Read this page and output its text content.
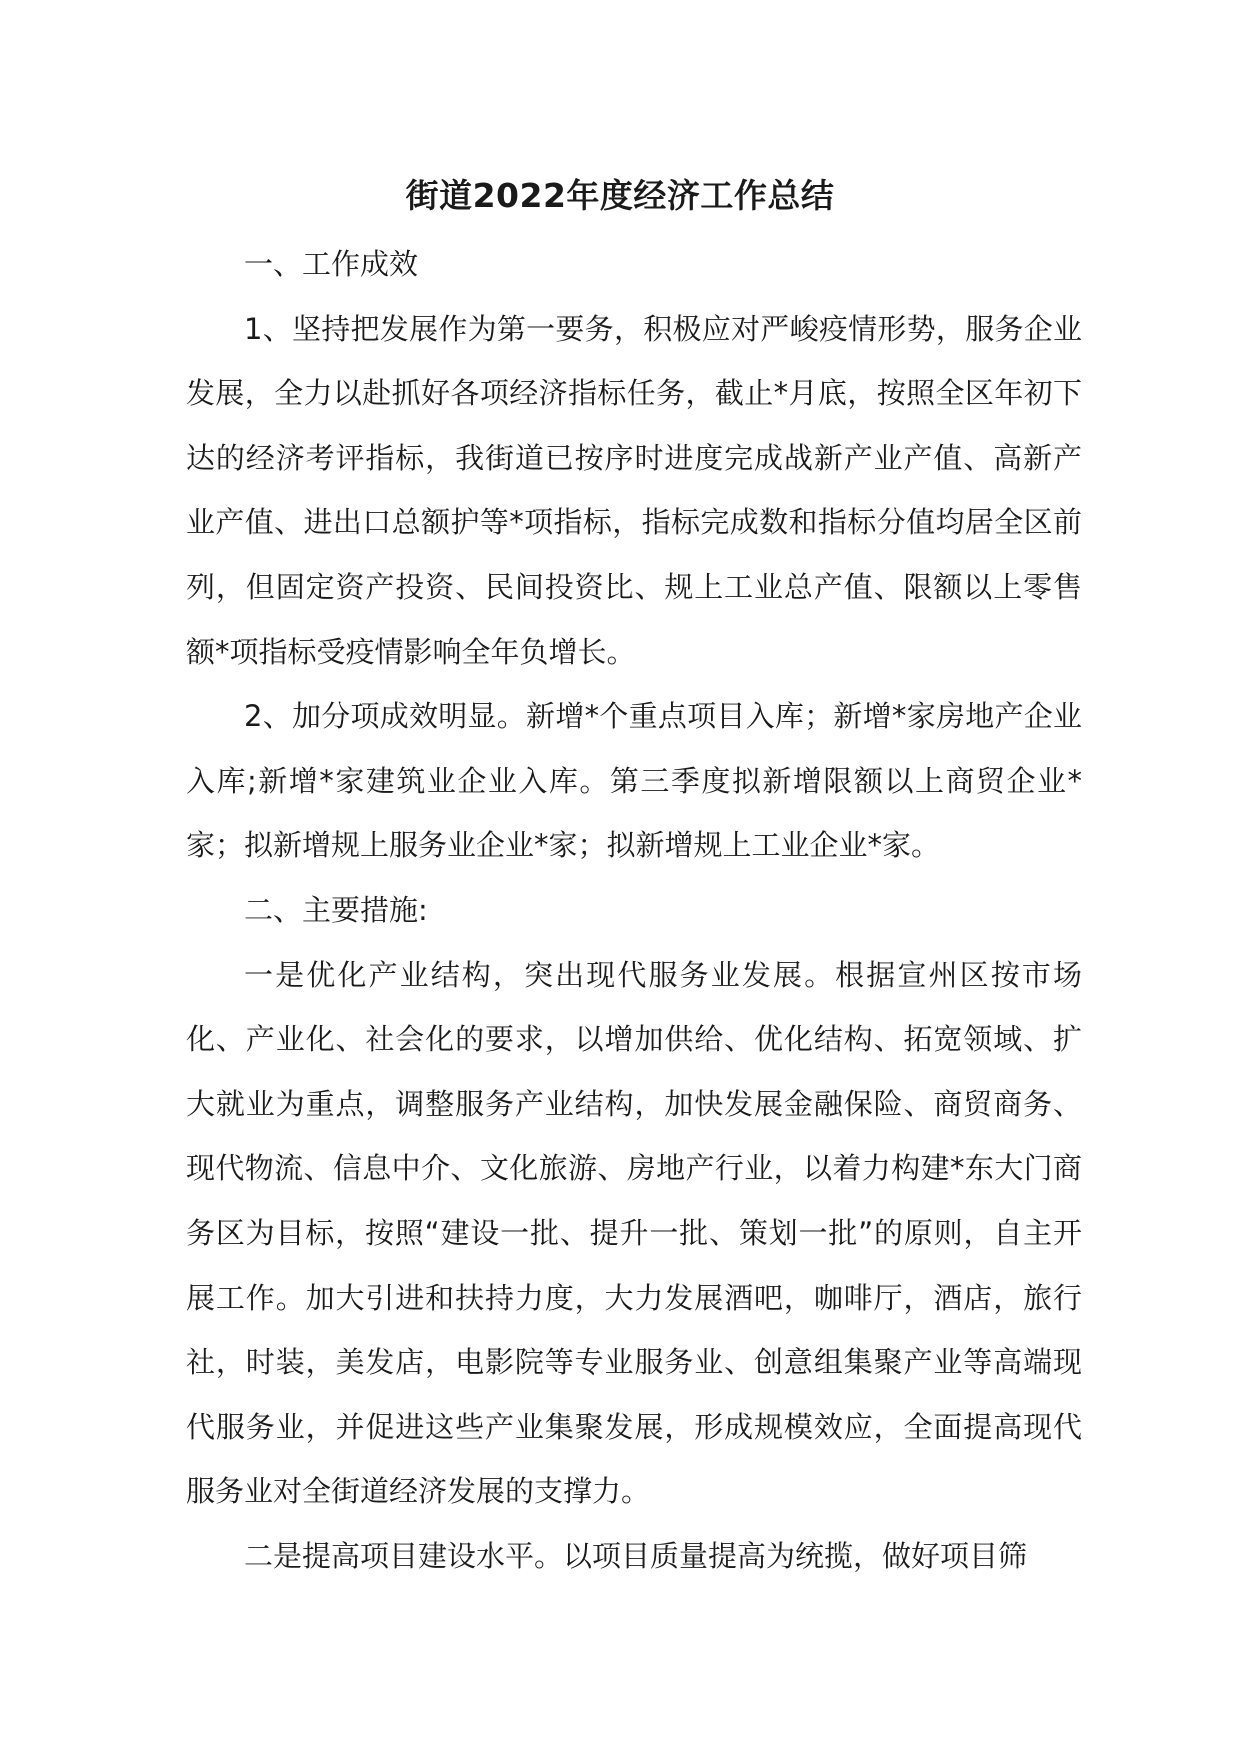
街道2022年度经济工作总结

一、工作成效

1、坚持把发展作为第一要务，积极应对严峻疫情形势，服务企业发展，全力以赴抓好各项经济指标任务，截止*月底，按照全区年初下达的经济考评指标，我街道已按序时进度完成战新产业产值、高新产业产值、进出口总额护等*项指标，指标完成数和指标分值均居全区前列，但固定资产投资、民间投资比、规上工业总产值、限额以上零售额*项指标受疫情影响全年负增长。

2、加分项成效明显。新增*个重点项目入库；新增*家房地产企业入库;新增*家建筑业企业入库。第三季度拟新增限额以上商贸企业*家；拟新增规上服务业企业*家；拟新增规上工业企业*家。

二、主要措施:

一是优化产业结构，突出现代服务业发展。根据宣州区按市场化、产业化、社会化的要求，以增加供给、优化结构、拓宽领域、扩大就业为重点，调整服务产业结构，加快发展金融保险、商贸商务、现代物流、信息中介、文化旅游、房地产行业，以着力构建*东大门商务区为目标，按照“建设一批、提升一批、策划一批”的原则，自主开展工作。加大引进和扶持力度，大力发展酒吧，咖啡厅，酒店，旅行社，时装，美发店，电影院等专业服务业、创意组集聚产业等高端现代服务业，并促进这些产业集聚发展，形成规模效应，全面提高现代服务业对全街道经济发展的支撑力。

二是提高项目建设水平。以项目质量提高为统揽，做好项目筛
